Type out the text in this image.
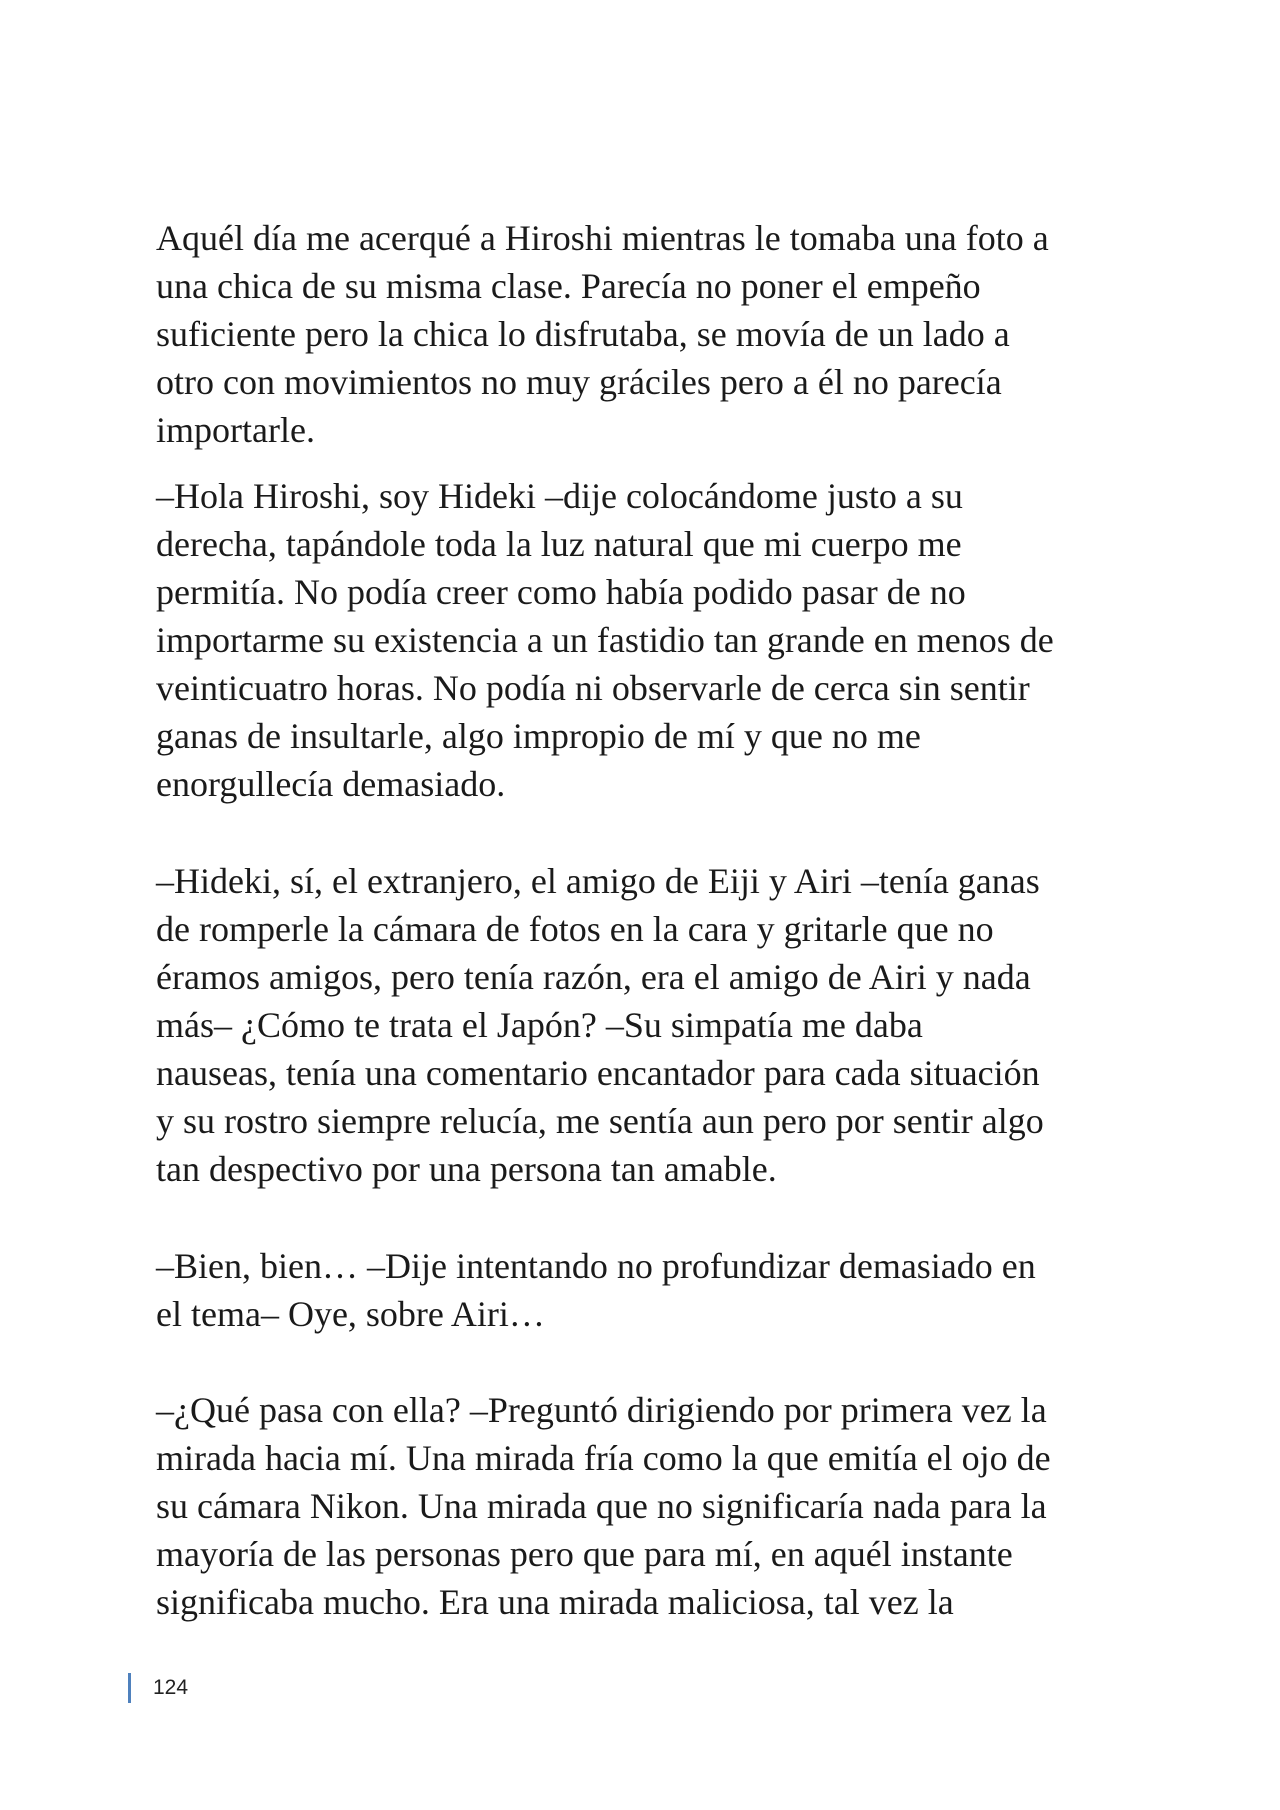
Aquél día me acerqué a Hiroshi mientras le tomaba una foto a
una chica de su misma clase. Parecía no poner el empeño
suficiente pero la chica lo disfrutaba, se movía de un lado a
otro con movimientos no muy gráciles pero a él no parecía
importarle.
–Hola Hiroshi, soy Hideki –dije colocándome justo a su
derecha, tapándole toda la luz natural que mi cuerpo me
permitía. No podía creer como había podido pasar de no
importarme su existencia a un fastidio tan grande en menos de
veinticuatro horas. No podía ni observarle de cerca sin sentir
ganas de insultarle, algo impropio de mí y que no me
enorgullecía demasiado.
–Hideki, sí, el extranjero, el amigo de Eiji y Airi –tenía ganas
de romperle la cámara de fotos en la cara y gritarle que no
éramos amigos, pero tenía razón, era el amigo de Airi y nada
más– ¿Cómo te trata el Japón? –Su simpatía me daba
nauseas, tenía una comentario encantador para cada situación
y su rostro siempre relucía, me sentía aun pero por sentir algo
tan despectivo por una persona tan amable.
–Bien, bien… –Dije intentando no profundizar demasiado en
el tema– Oye, sobre Airi…
–¿Qué pasa con ella? –Preguntó dirigiendo por primera vez la
mirada hacia mí. Una mirada fría como la que emitía el ojo de
su cámara Nikon. Una mirada que no significaría nada para la
mayoría de las personas pero que para mí, en aquél instante
significaba mucho. Era una mirada maliciosa, tal vez la
124
